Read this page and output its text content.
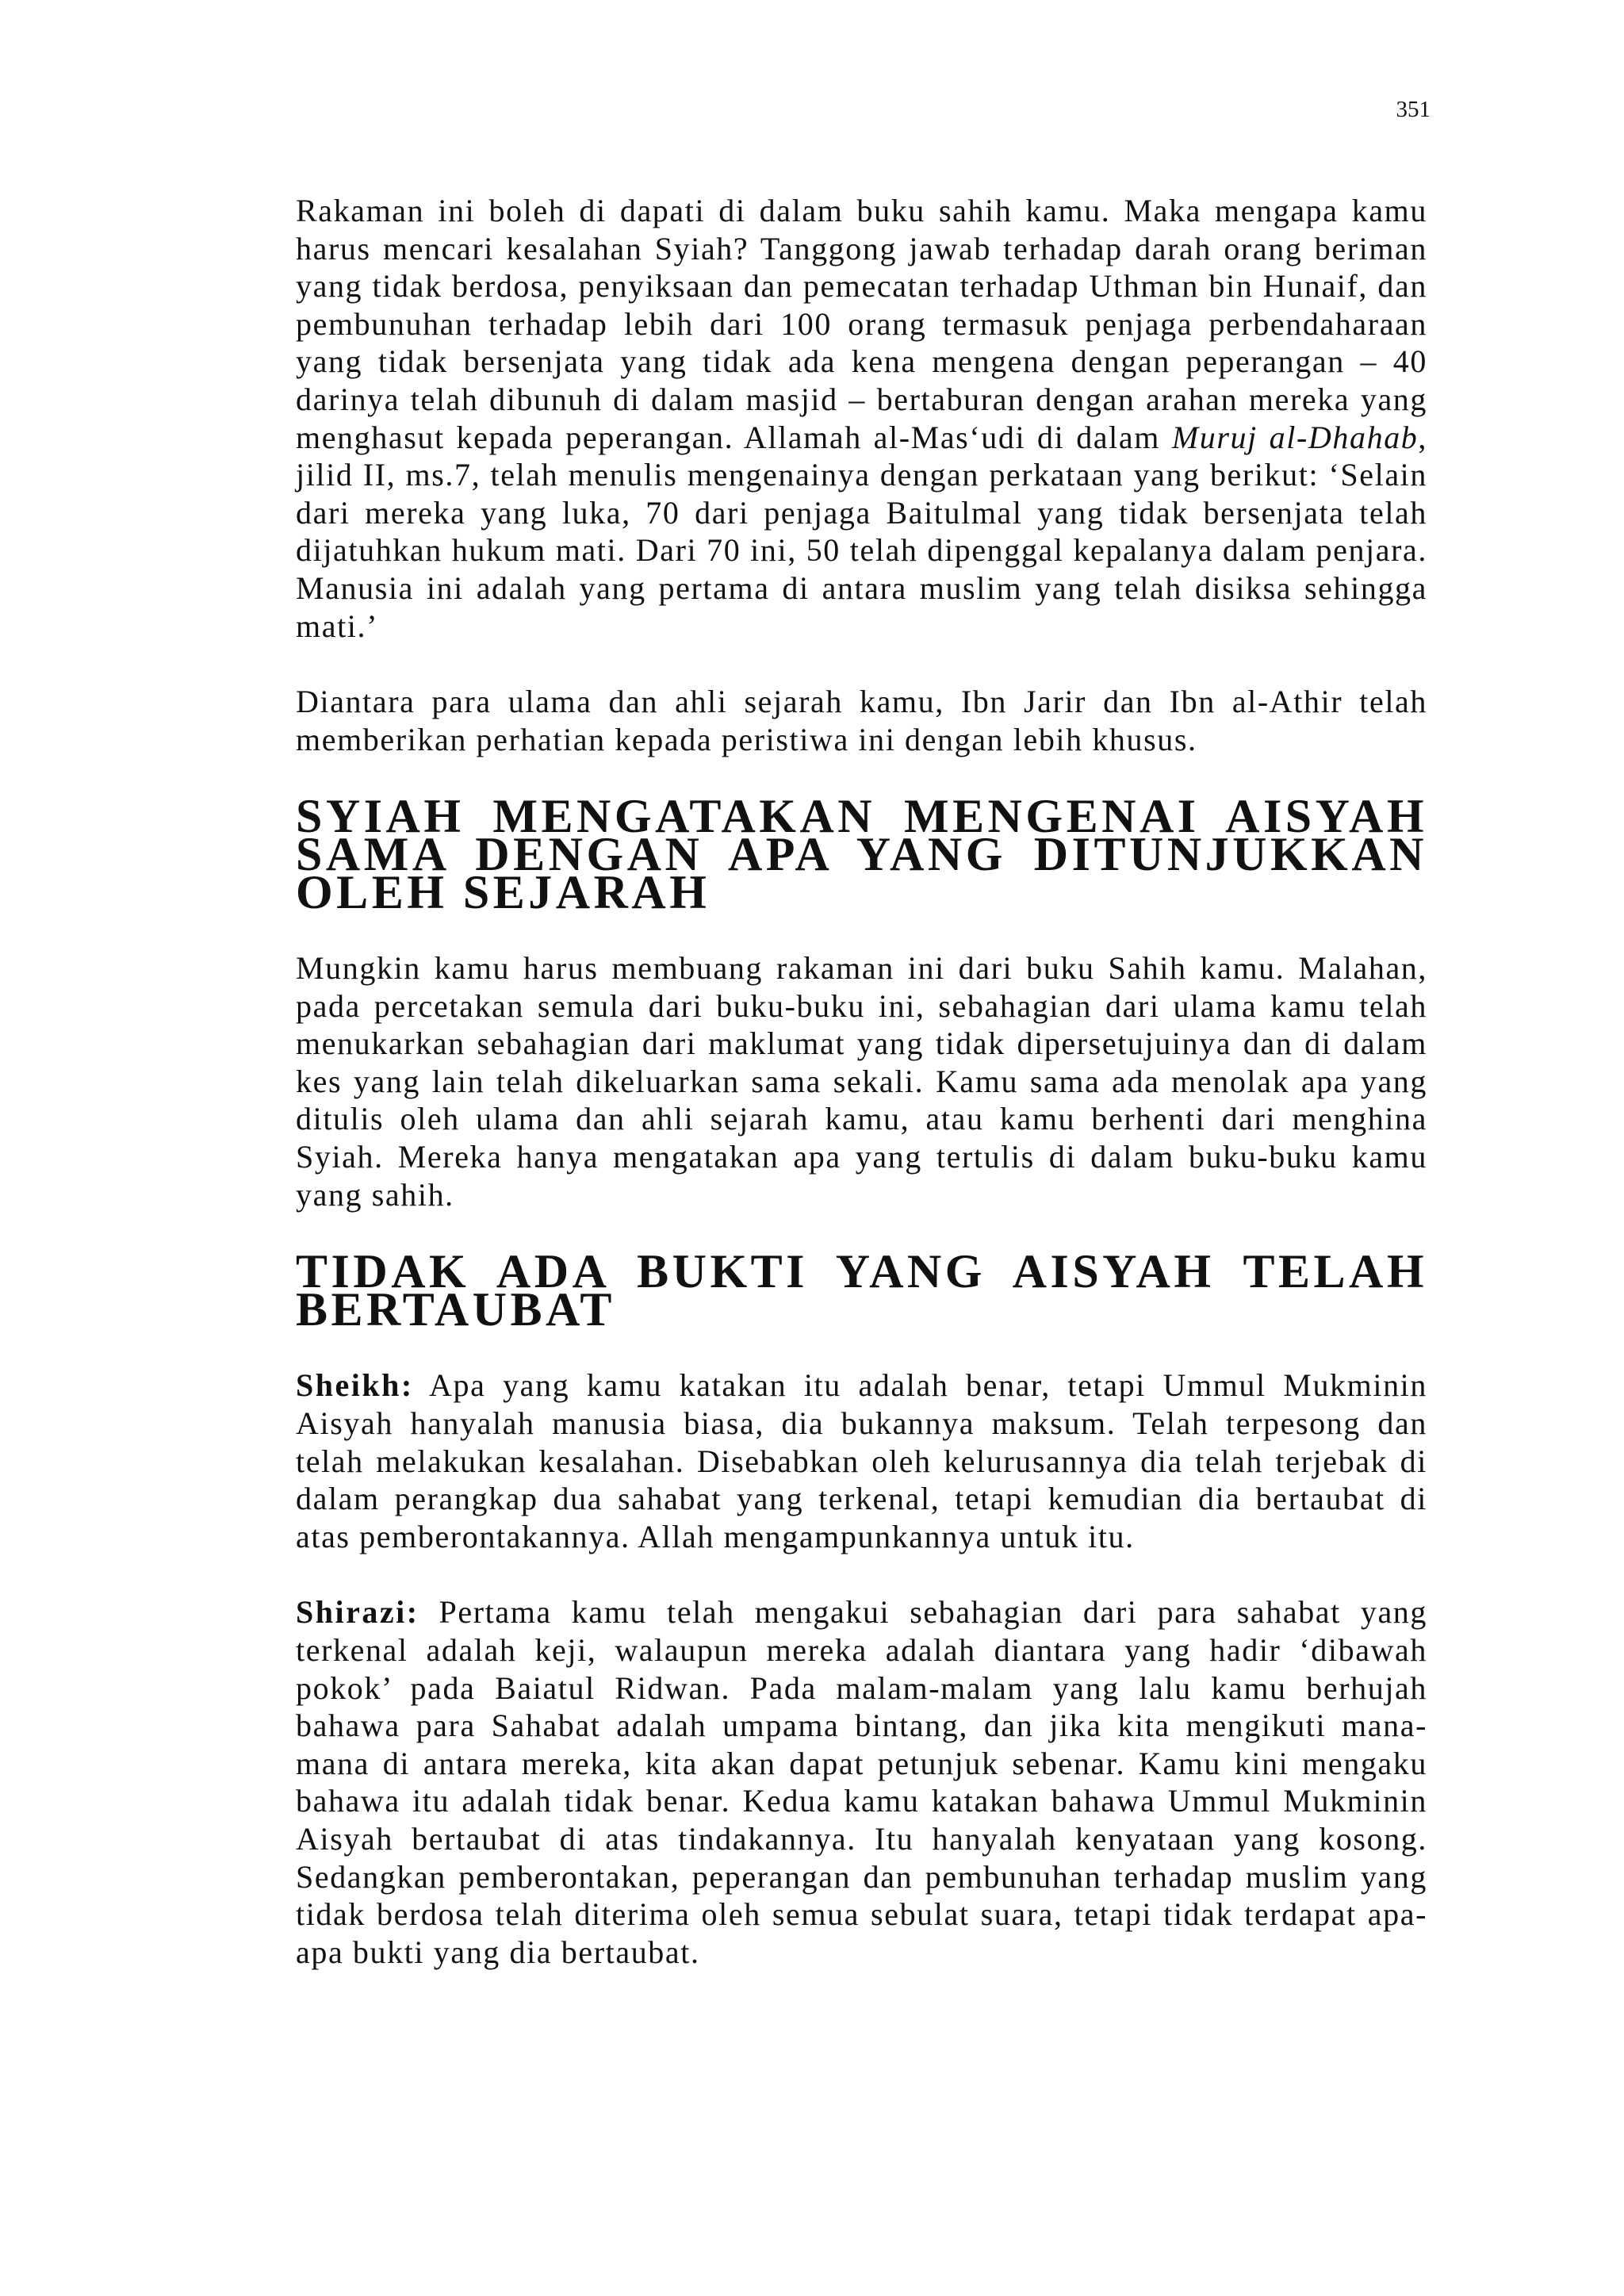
351

Rakaman ini boleh di dapati di dalam buku sahih kamu. Maka mengapa kamu harus mencari kesalahan Syiah? Tanggong jawab terhadap darah orang beriman yang tidak berdosa, penyiksaan dan pemecatan terhadap Uthman bin Hunaif, dan pembunuhan terhadap lebih dari 100 orang termasuk penjaga perbendaharaan yang tidak bersenjata yang tidak ada kena mengena dengan peperangan – 40 darinya telah dibunuh di dalam masjid – bertaburan dengan arahan mereka yang menghasut kepada peperangan. Allamah al-Mas‘udi di dalam Muruj al-Dhahab, jilid II, ms.7, telah menulis mengenainya dengan perkataan yang berikut: ‘Selain dari mereka yang luka, 70 dari penjaga Baitulmal yang tidak bersenjata telah dijatuhkan hukum mati. Dari 70 ini, 50 telah dipenggal kepalanya dalam penjara. Manusia ini adalah yang pertama di antara muslim yang telah disiksa sehingga mati.’

Diantara para ulama dan ahli sejarah kamu, Ibn Jarir dan Ibn al-Athir telah memberikan perhatian kepada peristiwa ini dengan lebih khusus.

SYIAH MENGATAKAN MENGENAI AISYAH SAMA DENGAN APA YANG DITUNJUKKAN OLEH SEJARAH

Mungkin kamu harus membuang rakaman ini dari buku Sahih kamu. Malahan, pada percetakan semula dari buku-buku ini, sebahagian dari ulama kamu telah menukarkan sebahagian dari maklumat yang tidak dipersetujuinya dan di dalam kes yang lain telah dikeluarkan sama sekali. Kamu sama ada menolak apa yang ditulis oleh ulama dan ahli sejarah kamu, atau kamu berhenti dari menghina Syiah. Mereka hanya mengatakan apa yang tertulis di dalam buku-buku kamu yang sahih.

TIDAK ADA BUKTI YANG AISYAH TELAH BERTAUBAT

Sheikh: Apa yang kamu katakan itu adalah benar, tetapi Ummul Mukminin Aisyah hanyalah manusia biasa, dia bukannya maksum. Telah terpesong dan telah melakukan kesalahan. Disebabkan oleh kelurusannya dia telah terjebak di dalam perangkap dua sahabat yang terkenal, tetapi kemudian dia bertaubat di atas pemberontakannya. Allah mengampunkannya untuk itu.

Shirazi: Pertama kamu telah mengakui sebahagian dari para sahabat yang terkenal adalah keji, walaupun mereka adalah diantara yang hadir ‘dibawah pokok’ pada Baiatul Ridwan. Pada malam-malam yang lalu kamu berhujah bahawa para Sahabat adalah umpama bintang, dan jika kita mengikuti mana-mana di antara mereka, kita akan dapat petunjuk sebenar. Kamu kini mengaku bahawa itu adalah tidak benar. Kedua kamu katakan bahawa Ummul Mukminin Aisyah bertaubat di atas tindakannya. Itu hanyalah kenyataan yang kosong. Sedangkan pemberontakan, peperangan dan pembunuhan terhadap muslim yang tidak berdosa telah diterima oleh semua sebulat suara, tetapi tidak terdapat apa-apa bukti yang dia bertaubat.
